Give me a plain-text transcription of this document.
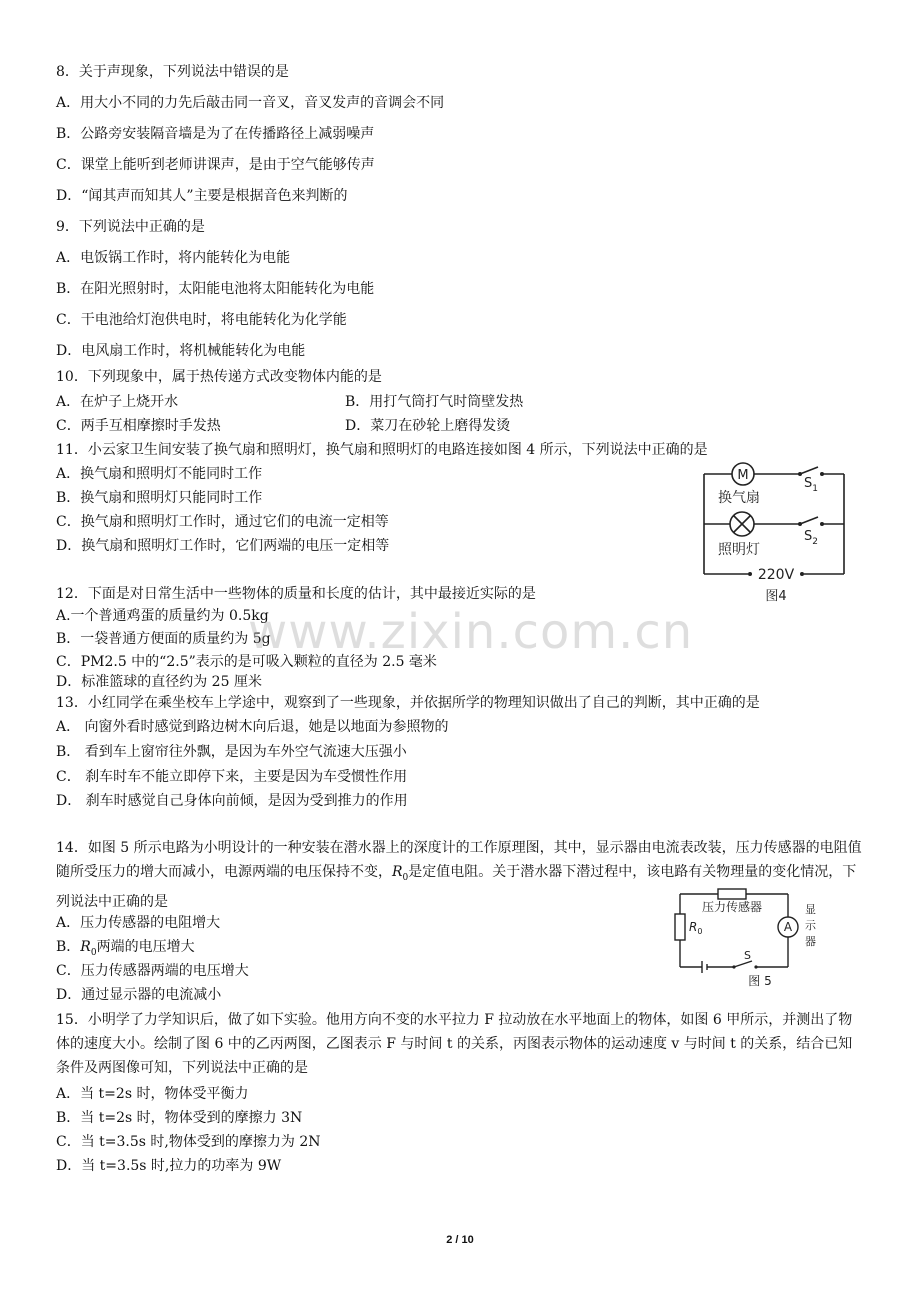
8．关于声现象，下列说法中错误的是
A．用大小不同的力先后敲击同一音叉，音叉发声的音调会不同
B．公路旁安装隔音墙是为了在传播路径上减弱噪声
C．课堂上能听到老师讲课声，是由于空气能够传声
D．“闻其声而知其人”主要是根据音色来判断的
9．下列说法中正确的是
A．电饭锅工作时，将内能转化为电能
B．在阳光照射时，太阳能电池将太阳能转化为电能
C．干电池给灯泡供电时，将电能转化为化学能
D．电风扇工作时，将机械能转化为电能
10．下列现象中，属于热传递方式改变物体内能的是
A．在炉子上烧开水	B．用打气筒打气时筒壁发热
C．两手互相摩擦时手发热	D．菜刀在砂轮上磨得发烫
11．小云家卫生间安装了换气扇和照明灯，换气扇和照明灯的电路连接如图 4 所示，下列说法中正确的是
A．换气扇和照明灯不能同时工作
B．换气扇和照明灯只能同时工作
C．换气扇和照明灯工作时，通过它们的电流一定相等
D．换气扇和照明灯工作时，它们两端的电压一定相等
M
换气扇
照明灯
$S_1$
$S_2$
220V
图4
12．下面是对日常生活中一些物体的质量和长度的估计，其中最接近实际的是
A.一个普通鸡蛋的质量约为 0.5kg
B．一袋普通方便面的质量约为 5g
C．PM2.5 中的“2.5”表示的是可吸入颗粒的直径为 2.5 毫米
D．标准篮球的直径约为 25 厘米
www.zixin.com.cn
13．小红同学在乘坐校车上学途中，观察到了一些现象，并依据所学的物理知识做出了自己的判断，其中正确的是
A． 向窗外看时感觉到路边树木向后退，她是以地面为参照物的
B． 看到车上窗帘往外飘，是因为车外空气流速大压强小
C． 刹车时车不能立即停下来，主要是因为车受惯性作用
D． 刹车时感觉自己身体向前倾，是因为受到推力的作用
14．如图 5 所示电路为小明设计的一种安装在潜水器上的深度计的工作原理图，其中，显示器由电流表改装，压力传感器的电阻值随所受压力的增大而减小，电源两端的电压保持不变，$R_0$是定值电阻。关于潜水器下潜过程中，该电路有关物理量的变化情况，下列说法中正确的是
A．压力传感器的电阻增大
B．$R_0$两端的电压增大
C．压力传感器两端的电压增大
D．通过显示器的电流减小
压力传感器
$R_0$	A
显
示
器
S
图 5
15．小明学了力学知识后，做了如下实验。他用方向不变的水平拉力 F 拉动放在水平地面上的物体，如图 6 甲所示，并测出了物体的速度大小。绘制了图 6 中的乙丙两图，乙图表示 F 与时间 t 的关系，丙图表示物体的运动速度 v 与时间 t 的关系，结合已知条件及两图像可知，下列说法中正确的是
A．当 t=2s 时，物体受平衡力
B．当 t=2s 时，物体受到的摩擦力 3N
C．当 t=3.5s 时,物体受到的摩擦力为 2N
D．当 t=3.5s 时,拉力的功率为 9W
2 / 10
